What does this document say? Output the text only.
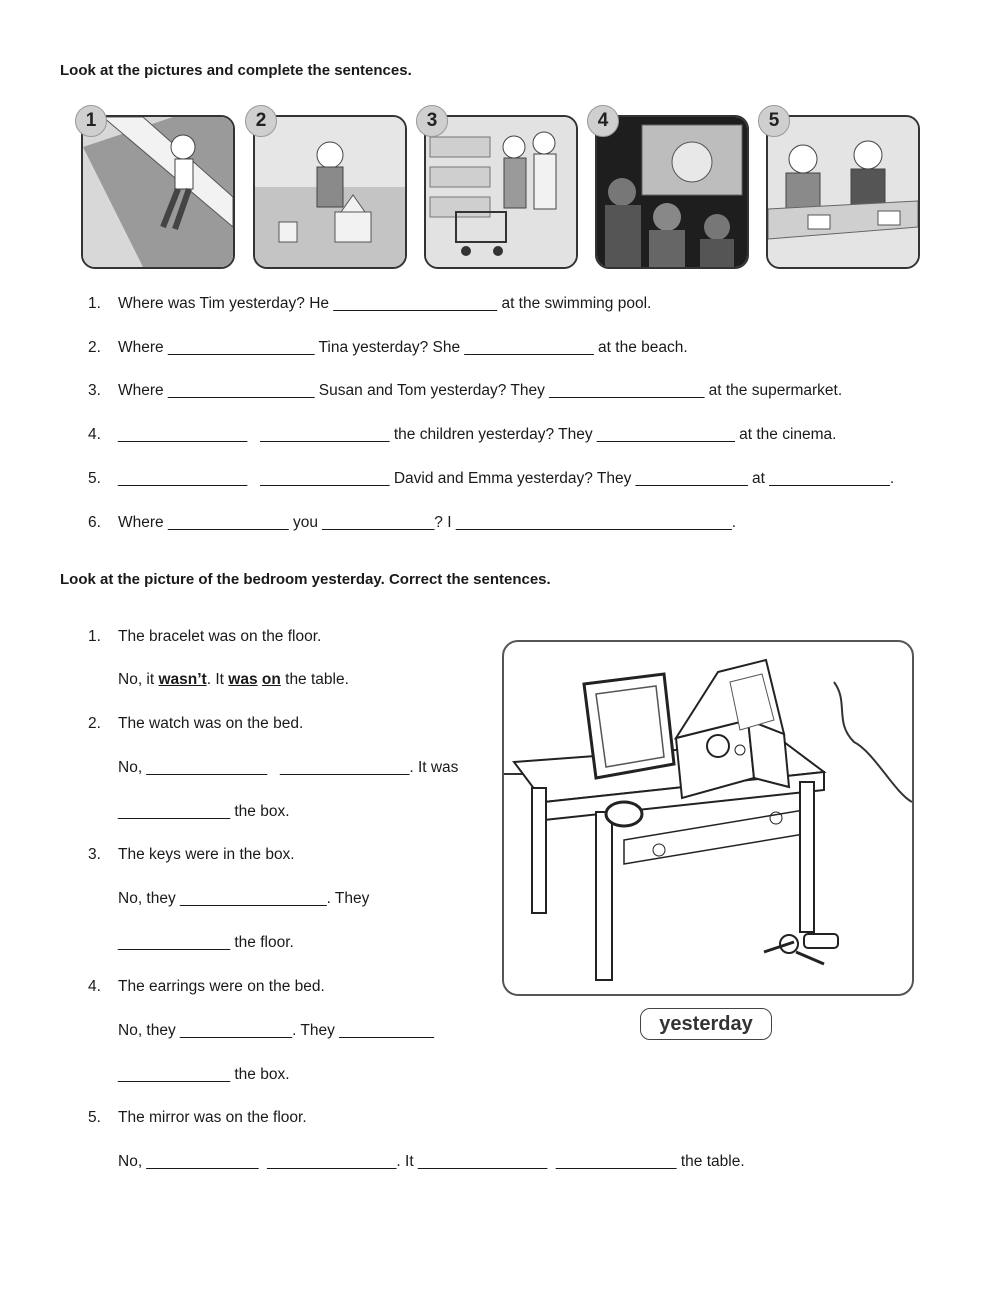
Look at the pictures and complete the sentences.
1	2	3	4	5
1. Where was Tim yesterday? He ___________________ at the swimming pool.
2. Where _________________ Tina yesterday? She _______________ at the beach.
3. Where _________________ Susan and Tom yesterday? They __________________ at the supermarket.
4. _______________   _______________ the children yesterday? They ________________ at the cinema.
5. _______________   _______________ David and Emma yesterday? They _____________ at ______________.
6. Where ______________ you _____________? I ________________________________.
Look at the picture of the bedroom yesterday. Correct the sentences.
1. The bracelet was on the floor.
No, it wasn’t. It was on the table.
2. The watch was on the bed.
No, ______________   _______________. It was
_____________ the box.
3. The keys were in the box.
No, they _________________. They
_____________ the floor.
4. The earrings were on the bed.
No, they _____________. They ___________
_____________ the box.
5. The mirror was on the floor.
No, _____________  _______________. It _______________  ______________ the table.
yesterday
